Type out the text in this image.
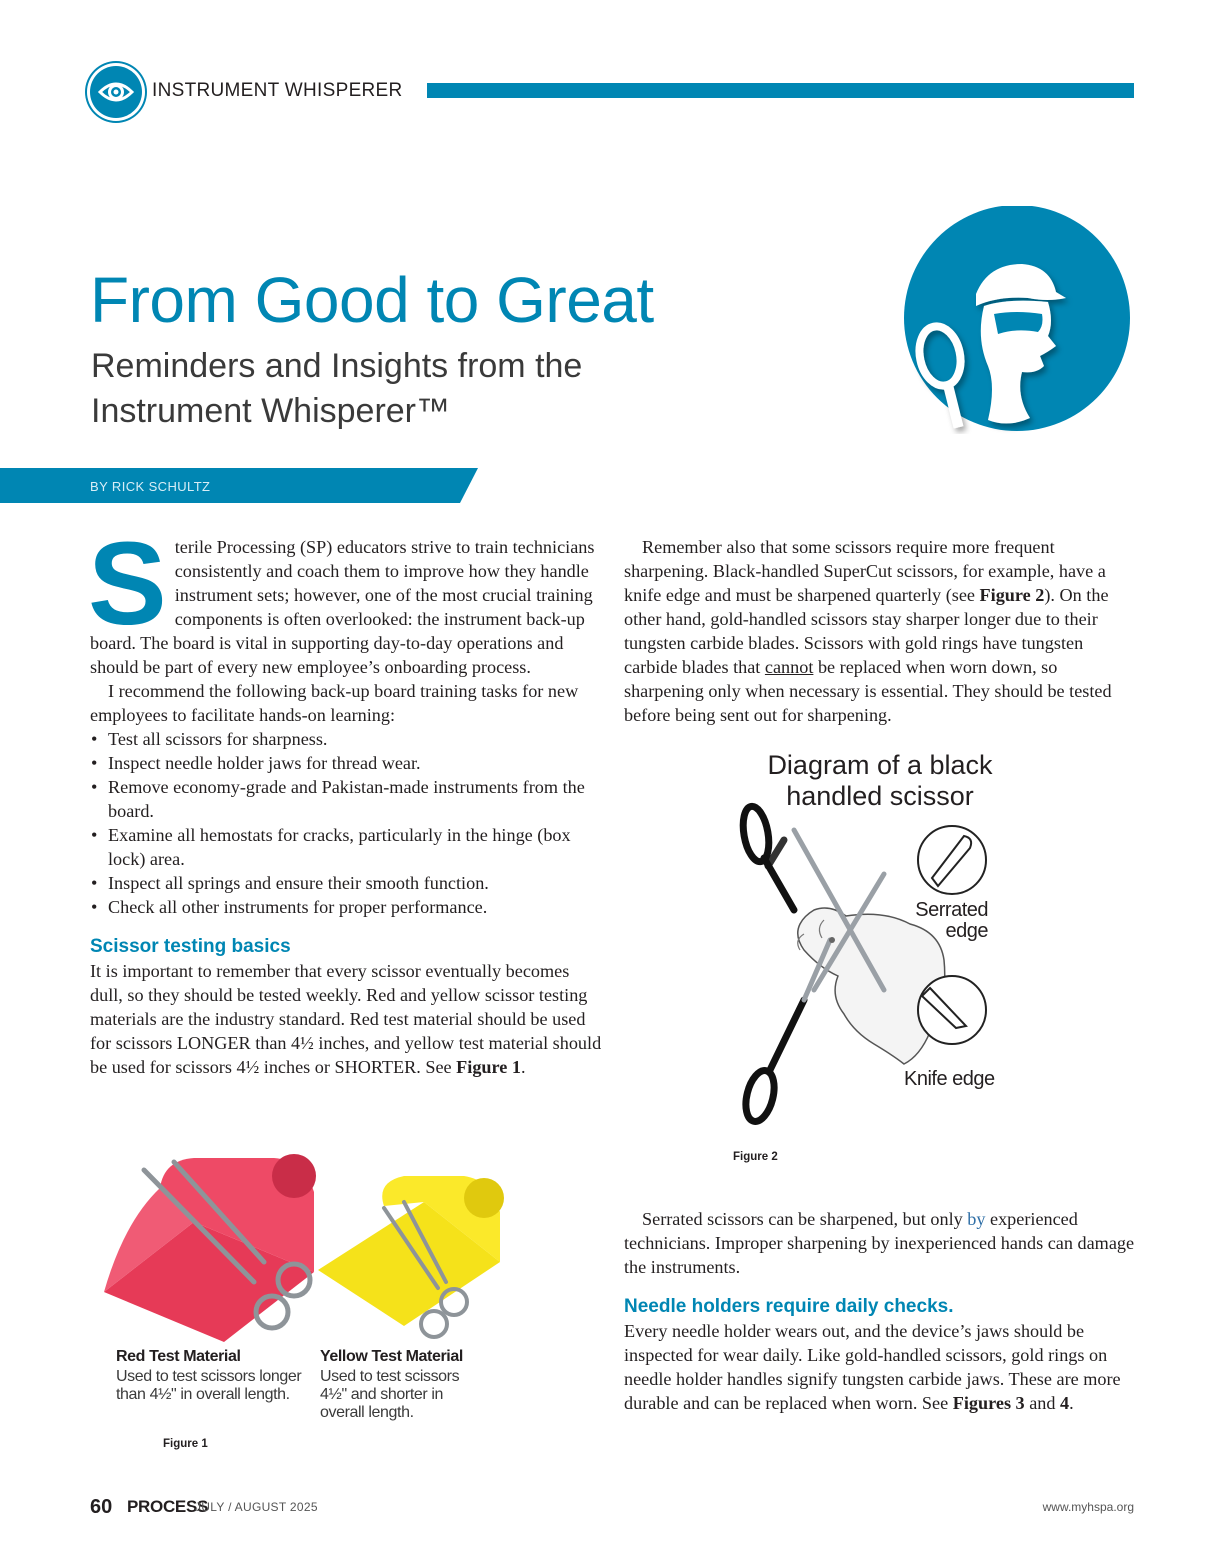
INSTRUMENT WHISPERER
From Good to Great
Reminders and Insights from the
Instrument Whisperer™
BY RICK SCHULTZ

Sterile Processing (SP) educators strive to train technicians consistently and coach them to improve how they handle instrument sets; however, one of the most crucial training components is often overlooked: the instrument back-up board. The board is vital in supporting day-to-day operations and should be part of every new employee’s onboarding process.

I recommend the following back-up board training tasks for new employees to facilitate hands-on learning:

• Test all scissors for sharpness.
• Inspect needle holder jaws for thread wear.
• Remove economy-grade and Pakistan-made instruments from the board.
• Examine all hemostats for cracks, particularly in the hinge (box lock) area.
• Inspect all springs and ensure their smooth function.
• Check all other instruments for proper performance.

Scissor testing basics

It is important to remember that every scissor eventually becomes dull, so they should be tested weekly. Red and yellow scissor testing materials are the industry standard. Red test material should be used for scissors LONGER than 4½ inches, and yellow test material should be used for scissors 4½ inches or SHORTER. See Figure 1.

Red Test Material
Used to test scissors longer
than 4½" in overall length.
Yellow Test Material
Used to test scissors
4½" and shorter in
overall length.
Figure 1

Remember also that some scissors require more frequent sharpening. Black-handled SuperCut scissors, for example, have a knife edge and must be sharpened quarterly (see Figure 2). On the other hand, gold-handled scissors stay sharper longer due to their tungsten carbide blades. Scissors with gold rings have tungsten carbide blades that cannot be replaced when worn down, so sharpening only when necessary is essential. They should be tested before being sent out for sharpening.

Diagram of a black
handled scissor
Serrated
edge
Knife edge
Figure 2

Serrated scissors can be sharpened, but only by experienced technicians. Improper sharpening by inexperienced hands can damage the instruments.

Needle holders require daily checks.

Every needle holder wears out, and the device’s jaws should be inspected for wear daily. Like gold-handled scissors, gold rings on needle holder handles signify tungsten carbide jaws. These are more durable and can be replaced when worn. See Figures 3 and 4.

60 PROCESS
JULY / AUGUST 2025	www.myhspa.org
